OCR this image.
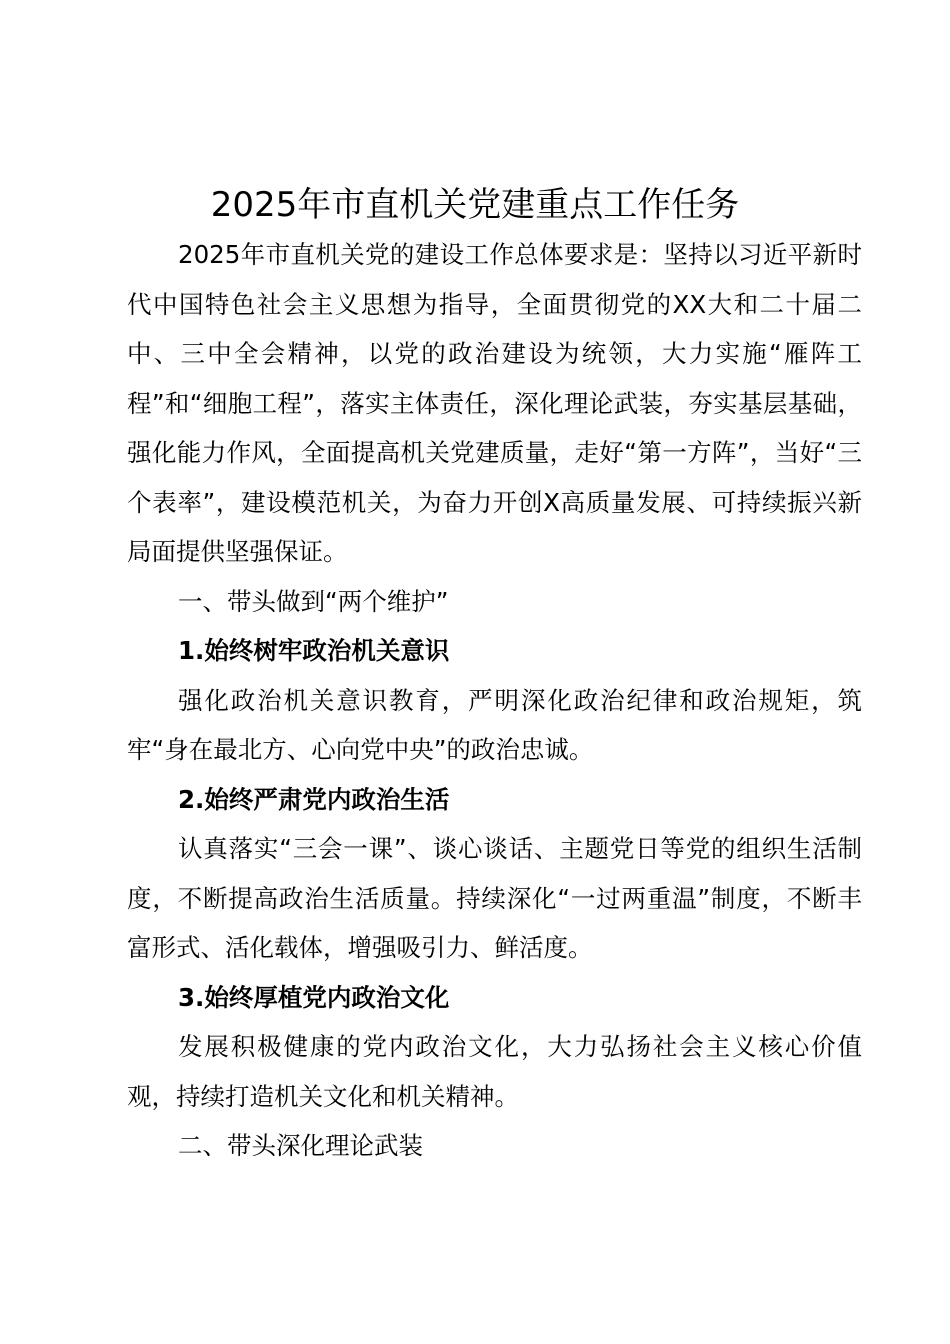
2025年市直机关党建重点工作任务

2025年市直机关党的建设工作总体要求是：坚持以习近平新时代中国特色社会主义思想为指导，全面贯彻党的XX大和二十届二中、三中全会精神，以党的政治建设为统领，大力实施“雁阵工程”和“细胞工程”，落实主体责任，深化理论武装，夯实基层基础，强化能力作风，全面提高机关党建质量，走好“第一方阵”，当好“三个表率”，建设模范机关，为奋力开创X高质量发展、可持续振兴新局面提供坚强保证。

一、带头做到“两个维护”

1.始终树牢政治机关意识

强化政治机关意识教育，严明深化政治纪律和政治规矩，筑牢“身在最北方、心向党中央”的政治忠诚。

2.始终严肃党内政治生活

认真落实“三会一课”、谈心谈话、主题党日等党的组织生活制度，不断提高政治生活质量。持续深化“一过两重温”制度，不断丰富形式、活化载体，增强吸引力、鲜活度。

3.始终厚植党内政治文化

发展积极健康的党内政治文化，大力弘扬社会主义核心价值观，持续打造机关文化和机关精神。

二、带头深化理论武装
